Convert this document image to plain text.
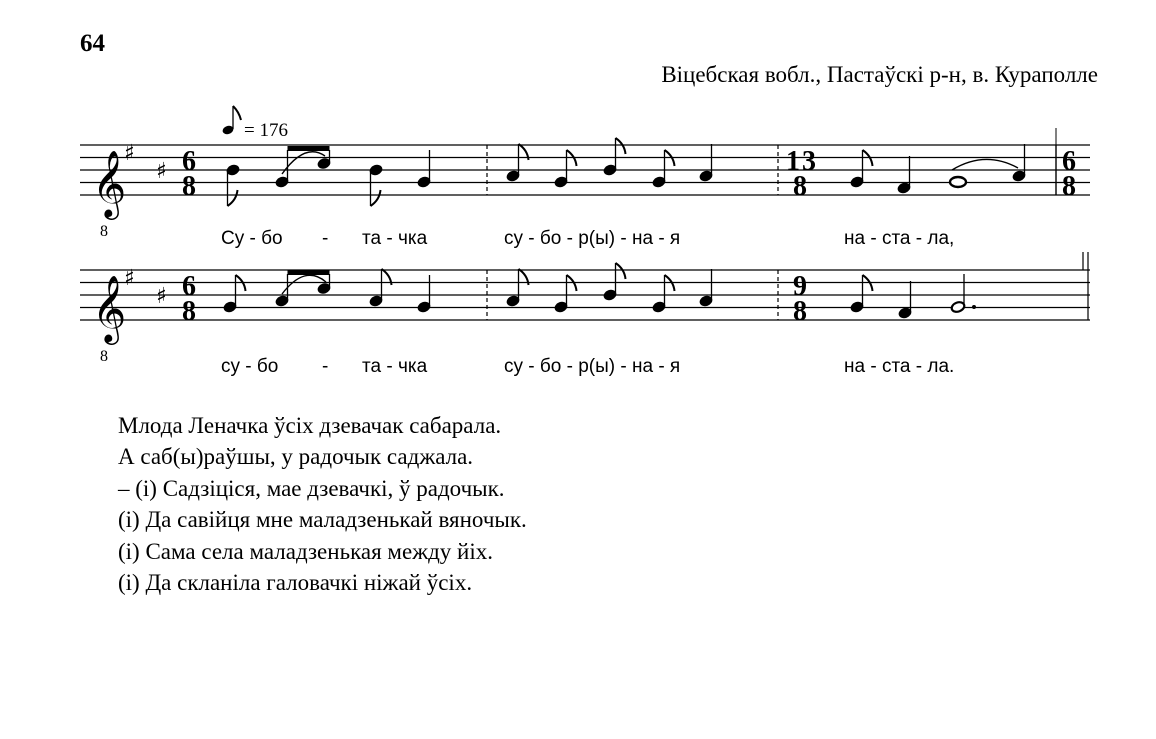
64
Віцебская вобл., Пастаўскі р-н, в. Кураполле
𝄞
8
♯
♯ 6
8
= 176
13
8
6
8
𝄞
8
♯
♯ 6
8
9
8
Су - бо - та - чка	су - бо - р(ы) - на - я	на - ста - ла,
су - бо - та - чка	су - бо - р(ы) - на - я	на - ста - ла.
Млода Леначка ўсіх дзевачак сабарала.
А саб(ы)раўшы, у радочык саджала.
– (і) Садзіціся, мае дзевачкі, ў радочык.
(і) Да савійця мне маладзенькай вяночык.
(і) Сама села маладзенькая между йіх.
(і) Да скланіла галовачкі ніжай ўсіх.
